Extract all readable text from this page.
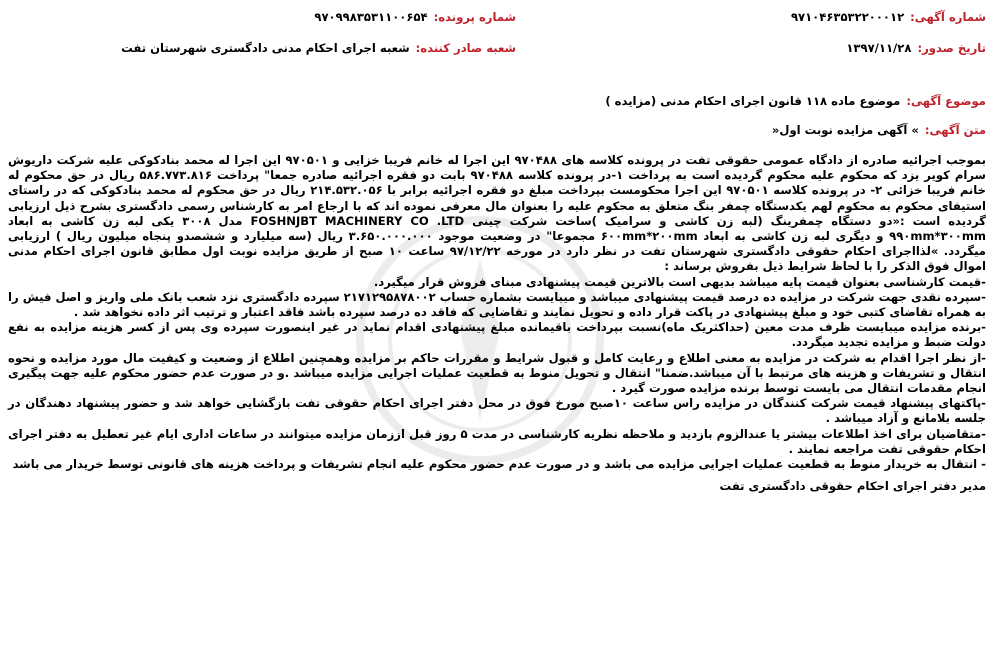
شماره آگهی:
۹۷۱۰۴۶۳۵۳۲۲۰۰۰۱۲
شماره پرونده:
۹۷۰۹۹۸۳۵۳۱۱۰۰۶۵۴
تاریخ صدور:
۱۳۹۷/۱۱/۲۸
شعبه صادر کننده:
شعبه اجرای احکام مدنی دادگستری شهرستان تفت
موضوع آگهی:
موضوع ماده ۱۱۸ قانون اجرای احکام مدنی (مزایده )
متن آگهی:
» آگهی مزایده نوبت اول«

بموجب اجرائیه صادره از دادگاه عمومی حقوقی تفت در پرونده کلاسه های ۹۷۰۴۸۸ این اجرا له خانم فریبا خزایی و ۹۷۰۵۰۱ این اجرا له محمد بنادکوکی علیه شرکت داریوش سرام کویر یزد که محکوم علیه محکوم گردیده است به پرداخت ۱-در پرونده کلاسه ۹۷۰۴۸۸ بابت دو فقره اجرائیه صادره جمعا" پرداخت ۵۸۶.۷۷۳.۸۱۶ ریال در حق محکوم له خانم فریبا خزائی ۲- در پرونده کلاسه ۹۷۰۵۰۱ این اجرا محکومست بپرداخت مبلغ دو فقره اجرائیه برابر با ۲۱۴.۵۳۲.۰۵۶ ریال در حق محکوم له محمد بنادکوکی که در راستای استیفای محکوم به محکوم لهم یکدستگاه چمفر بنگ متعلق به محکوم علیه را بعنوان مال معرفی نموده اند که با ارجاع امر به کارشناس رسمی دادگستری بشرح ذیل ارزیابی گردیده است :«دو دستگاه چمفرینگ (لبه زن کاشی و سرامیک )ساخت شرکت چینی FOSHNJBT MACHINERY CO .LTD مدل ۳۰۰۸ یکی لبه زن کاشی به ابعاد ۹۹۰mm*۳۰۰mm و دیگری لبه زن کاشی به ابعاد ۶۰۰mm*۲۰۰mm مجموعا" در وضعیت موجود ۳.۶۵۰.۰۰۰.۰۰۰ ریال (سه میلیارد و ششصدو پنجاه میلیون ریال ) ارزیابی میگردد. »لذااجرای احکام حقوقی دادگستری شهرستان تفت در نظر دارد در مورخه ۹۷/۱۲/۲۲ ساعت ۱۰ صبح از طریق مزایده نوبت اول مطابق قانون اجرای احکام مدنی اموال فوق الذکر را با لحاظ شرایط ذیل بفروش برساند :

-قیمت کارشناسی بعنوان قیمت پایه میباشد بدیهی است بالاترین قیمت پیشنهادی مبنای فروش قرار میگیرد.

-سپرده نقدی جهت شرکت در مزایده ده درصد قیمت پیشنهادی میباشد و میبایست بشماره حساب ۲۱۷۱۲۹۵۸۷۸۰۰۲ سپرده دادگستری نزد شعب بانک ملی واریز و اصل فیش را به همراه تقاضای کتبی خود و مبلغ پیشنهادی در پاکت قرار داده و تحویل نمایند و تقاضایی که فاقد ده درصد سپرده باشد فاقد اعتبار و ترتیب اثر داده نخواهد شد .

-برنده مزایده میبایست ظرف مدت معین (حداکثریک ماه)نسبت بپرداخت باقیمانده مبلغ پیشنهادی اقدام نماید در غیر اینصورت سپرده وی پس از کسر هزینه مزایده به نفع دولت ضبط و مزایده تجدید میگردد.

-از نظر اجرا اقدام به شرکت در مزایده به معنی اطلاع و رعایت کامل و قبول شرایط و مقررات حاکم بر مزایده وهمچنین اطلاع از وضعیت و کیفیت مال مورد مزایده و نحوه انتقال و تشریفات و هزینه های مرتبط با آن میباشد.ضمنا" انتقال و تحویل منوط به قطعیت عملیات اجرایی مزایده میباشد .و در صورت عدم حضور محکوم علیه جهت پیگیری انجام مقدمات انتقال می بایست توسط برنده مزایده صورت گیرد .

-پاکتهای پیشنهاد قیمت شرکت کنندگان در مزایده راس ساعت ۱۰صبح مورخ فوق در محل دفتر اجرای احکام حقوقی تفت بازگشایی خواهد شد و حضور پیشنهاد دهندگان در جلسه بلامانع و آزاد میباشد .

-متقاضیان برای اخذ اطلاعات بیشتر یا عندالزوم بازدید و ملاحظه نظریه کارشناسی در مدت ۵ روز قبل اززمان مزایده میتوانند در ساعات اداری ایام غیر تعطیل به دفتر اجرای احکام حقوقی تفت مراجعه نمایند .

- انتقال به خریدار منوط به قطعیت عملیات اجرایی مزایده می باشد و در صورت عدم حضور محکوم علیه انجام تشریفات و پرداخت هزینه های قانونی توسط خریدار می باشد

مدیر دفتر اجرای احکام حقوقی دادگستری تفت
